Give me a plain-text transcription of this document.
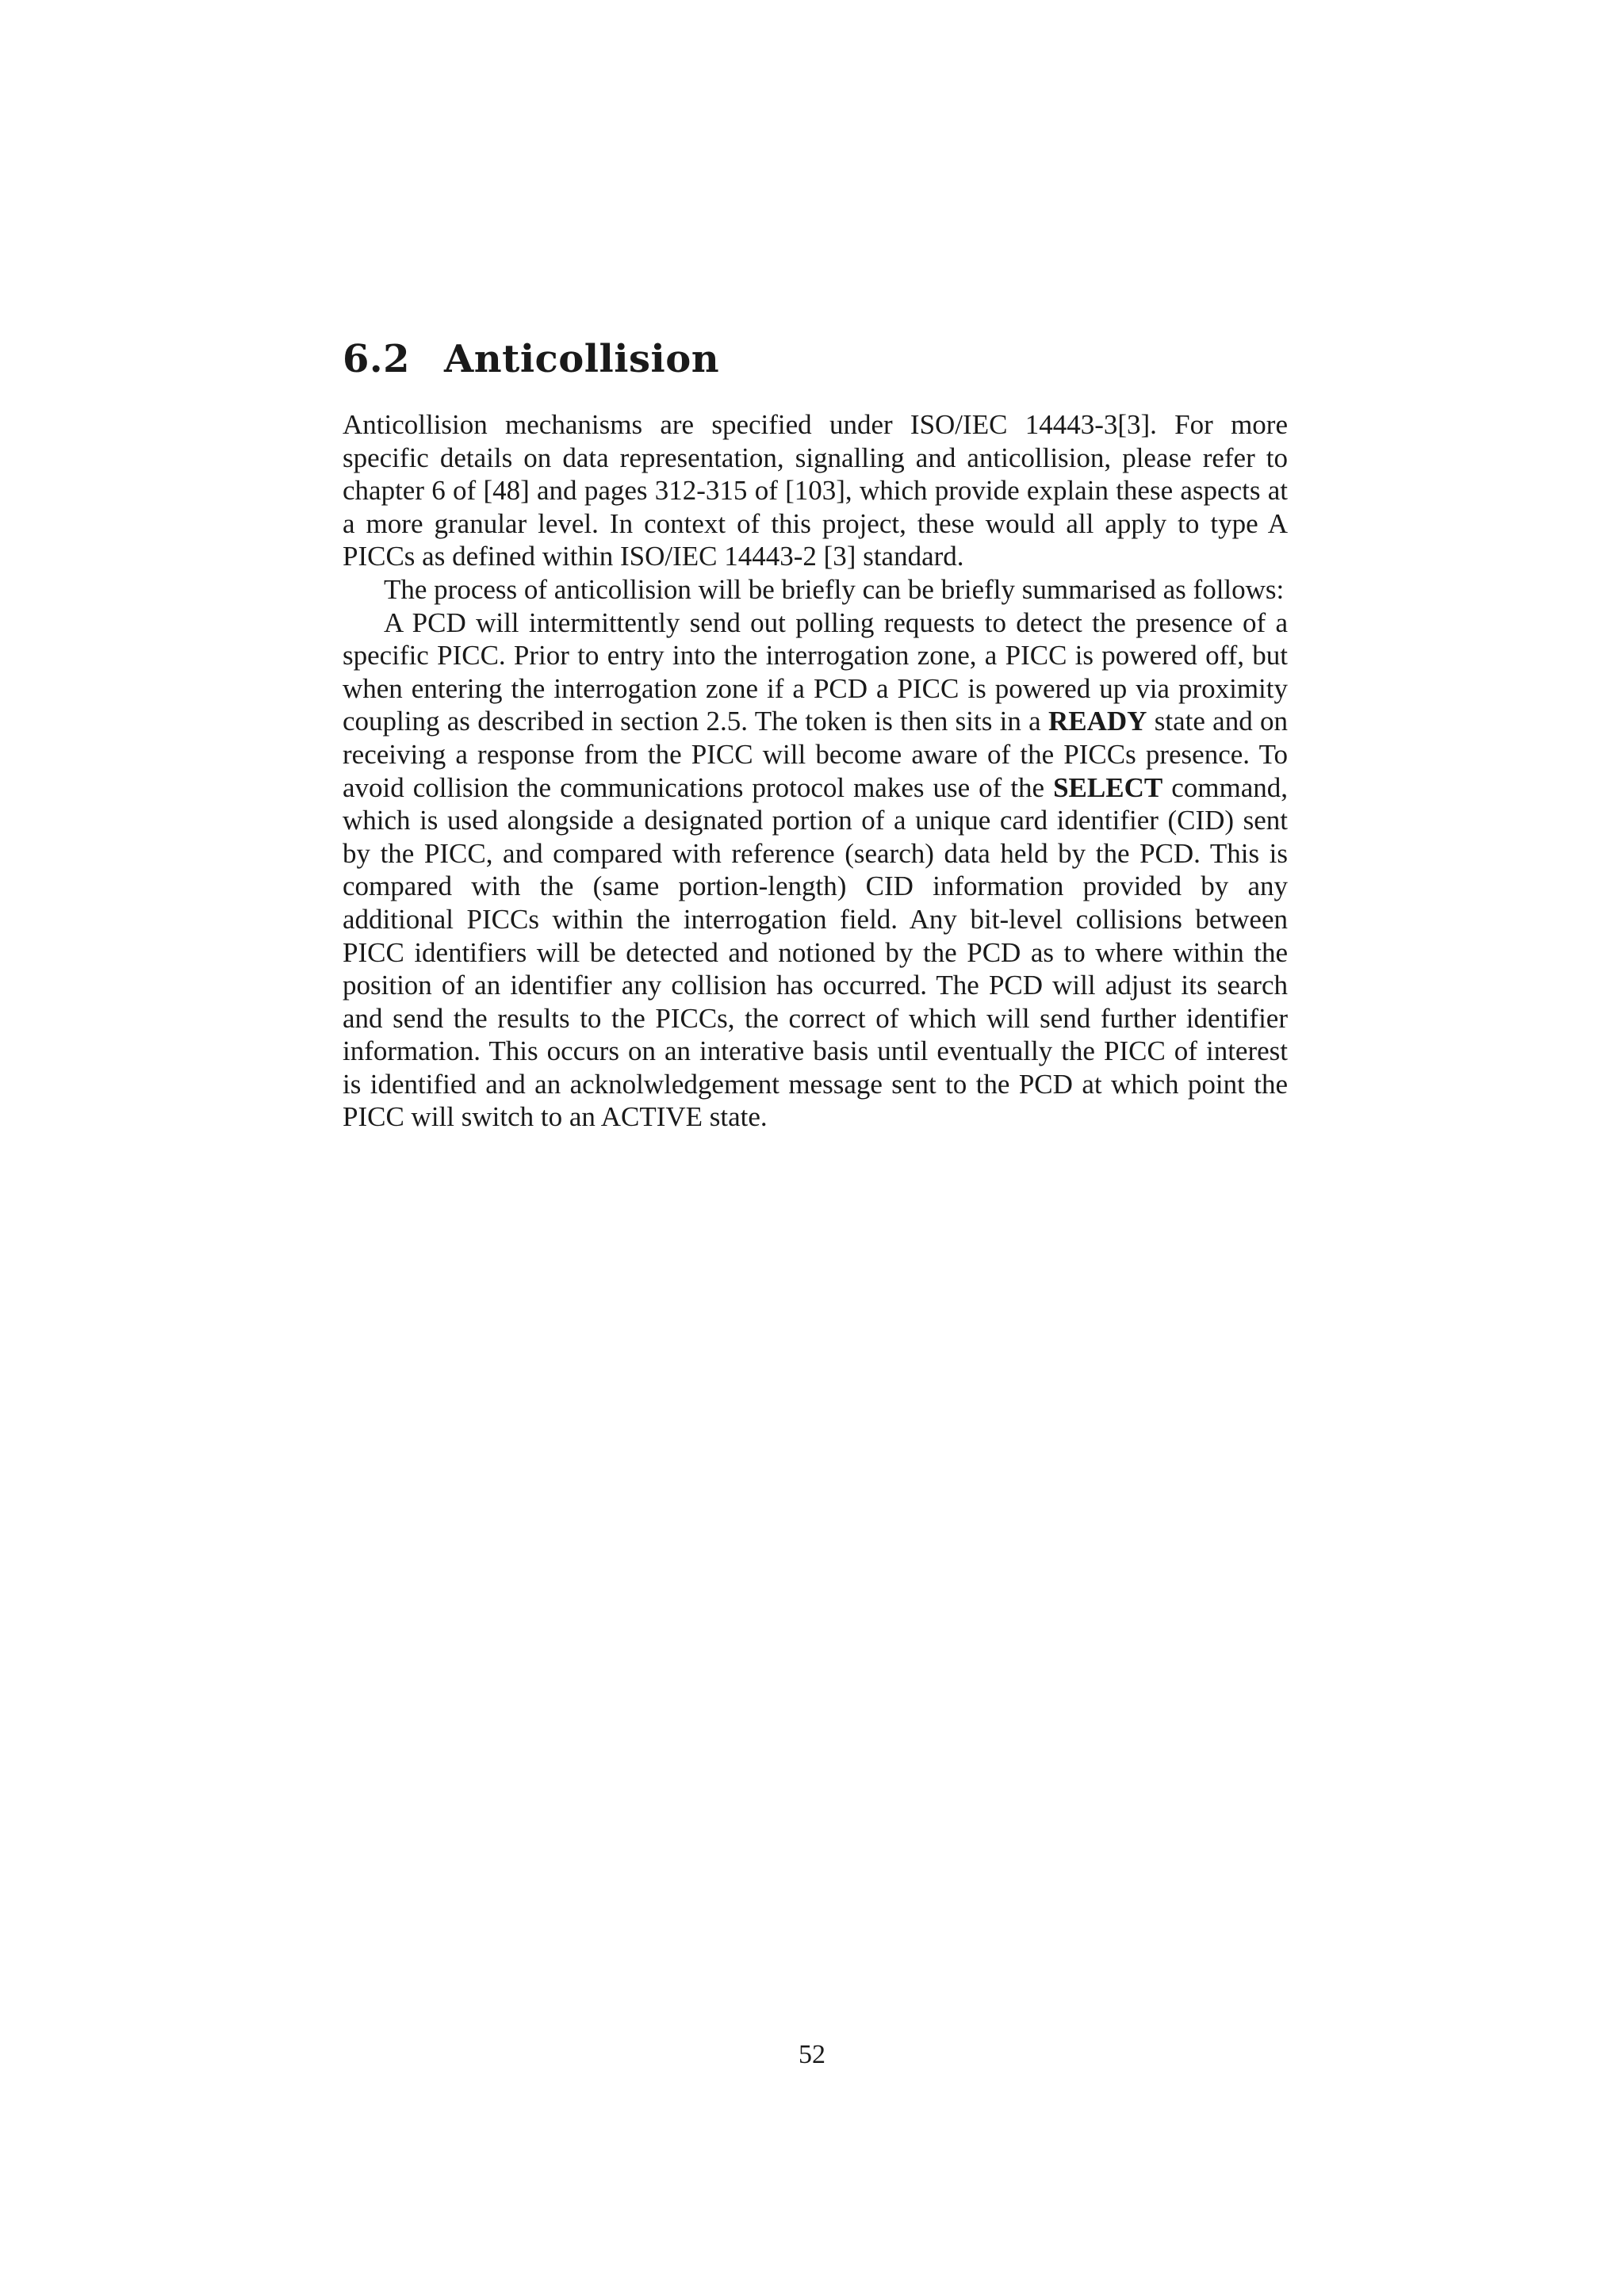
6.2 Anticollision

Anticollision mechanisms are specified under ISO/IEC 14443-3[3]. For more specific details on data representation, signalling and anticollision, please refer to chapter 6 of [48] and pages 312-315 of [103], which provide explain these aspects at a more granular level. In context of this project, these would all apply to type A PICCs as defined within ISO/IEC 14443-2 [3] standard.

The process of anticollision will be briefly can be briefly summarised as follows:

A PCD will intermittently send out polling requests to detect the presence of a specific PICC. Prior to entry into the interrogation zone, a PICC is powered off, but when entering the interrogation zone if a PCD a PICC is powered up via proximity coupling as described in section 2.5. The token is then sits in a READY state and on receiving a response from the PICC will become aware of the PICCs presence. To avoid collision the communications protocol makes use of the SELECT command, which is used alongside a designated portion of a unique card identifier (CID) sent by the PICC, and compared with reference (search) data held by the PCD. This is compared with the (same portion-length) CID information provided by any additional PICCs within the interrogation field. Any bit-level collisions between PICC identifiers will be detected and notioned by the PCD as to where within the position of an identifier any collision has occurred. The PCD will adjust its search and send the results to the PICCs, the correct of which will send further identifier information. This occurs on an interative basis until eventually the PICC of interest is identified and an acknolwledgement message sent to the PCD at which point the PICC will switch to an ACTIVE state.

52
